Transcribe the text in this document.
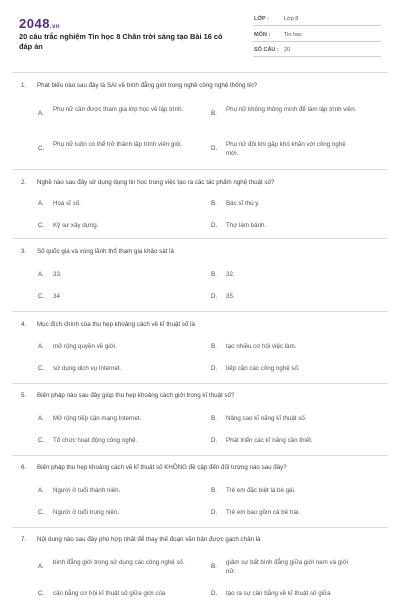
2048.vn
20 câu trắc nghiệm Tin học 8 Chân trời sáng tạo Bài 16 có đáp án
LỚP :	Lớp 8
MÔN :	Tin học
SỐ CÂU : 20
1.	Phát biểu nào sau đây là SAI về bình đẳng giới trong nghề công nghệ thông tin?
A.
Phụ nữ cần được tham gia lớp học về lập trình.
B.
Phụ nữ không thông minh để làm lập trình viên.
C.
Phụ nữ luôn có thể trở thành lập trình viên giỏi.
D.
Phụ nữ đôi khi gặp khó khăn với công nghệ mới.
2.	Nghề nào sau đây sử dụng dụng tin học trong việc tạo ra các tác phẩm nghệ thuật số?
A.	Họa sĩ số.	B.	Bác sĩ thú y.
C.	Kỹ sư xây dựng.	D.	Thợ làm bánh.
3.	Số quốc gia và vùng lãnh thổ tham gia khảo sát là
A.	33.	B.	32.
C.	34	D.	35.
4.	Mục đích chính của thu hẹp khoảng cách về kĩ thuật số là
A.	mở rộng quyền về giới.	B.	tạo nhiều cơ hội việc làm.
C.	sử dụng dịch vụ Internet.	D.	tiếp cận các công nghệ số.
5.	Biện pháp nào sau đây giúp thu hẹp khoảng cách giới trong kĩ thuật số?
A.	Mở rộng tiếp cận mạng Internet.	B.	Nâng cao kĩ năng kĩ thuật số.
C.	Tổ chức hoạt động công nghệ.	D.	Phát triển các kĩ năng cần thiết.
6.	Biện pháp thu hẹp khoảng cách về kĩ thuật số KHÔNG đề cập đến đối tượng nào sau đây?
A.	Người ở tuổi thành niên.	B.	Trẻ em đặc biệt là bé gái.
C.	Người ở tuổi trung niên.	D.	Trẻ em bao gồm cả bé trai.
7.	Nội dung nào sau đây phù hợp nhất để thay thế đoạn văn bản được gạch chân là
A.
bình đẳng giới trong sử dụng các công nghệ số.
B.
giảm sự bất bình đẳng giữa giới nam và giới nữ.
C.	cân bằng cơ hội kĩ thuật số giữa giới của	D.	tạo ra sự cân bằng về kĩ thuật số giữa
